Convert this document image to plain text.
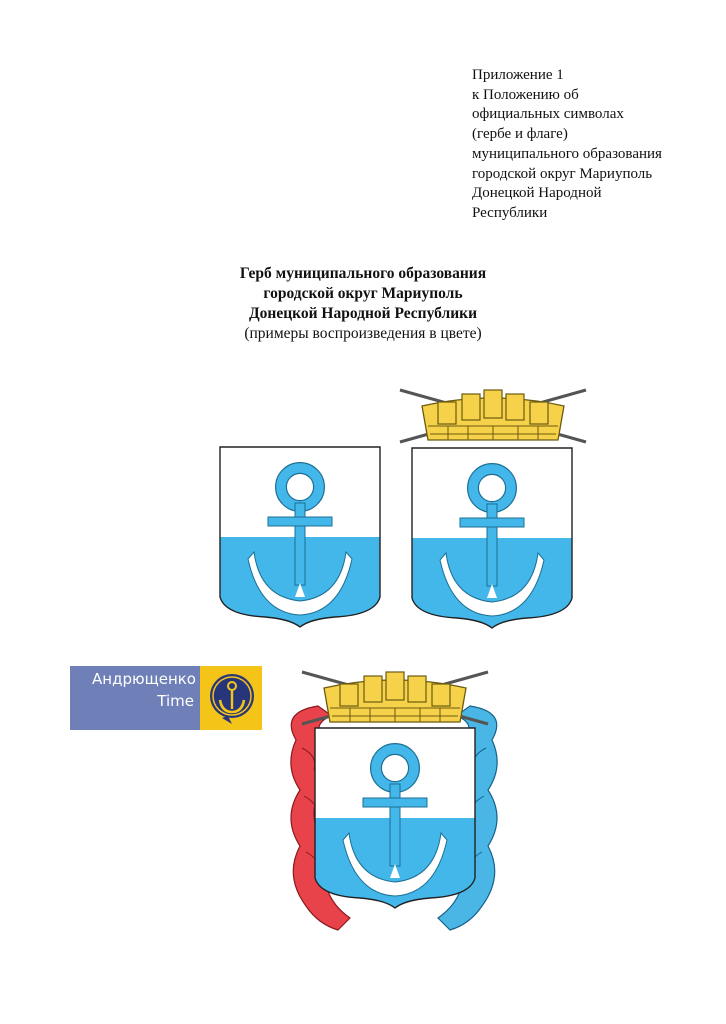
Приложение 1
к Положению об
официальных символах
(гербе и флаге)
муниципального образования
городской округ Мариуполь
Донецкой Народной
Республики
Герб муниципального образования
городской округ Мариуполь
Донецкой Народной Республики
(примеры воспроизведения в цвете)
Андрющенко
Time
